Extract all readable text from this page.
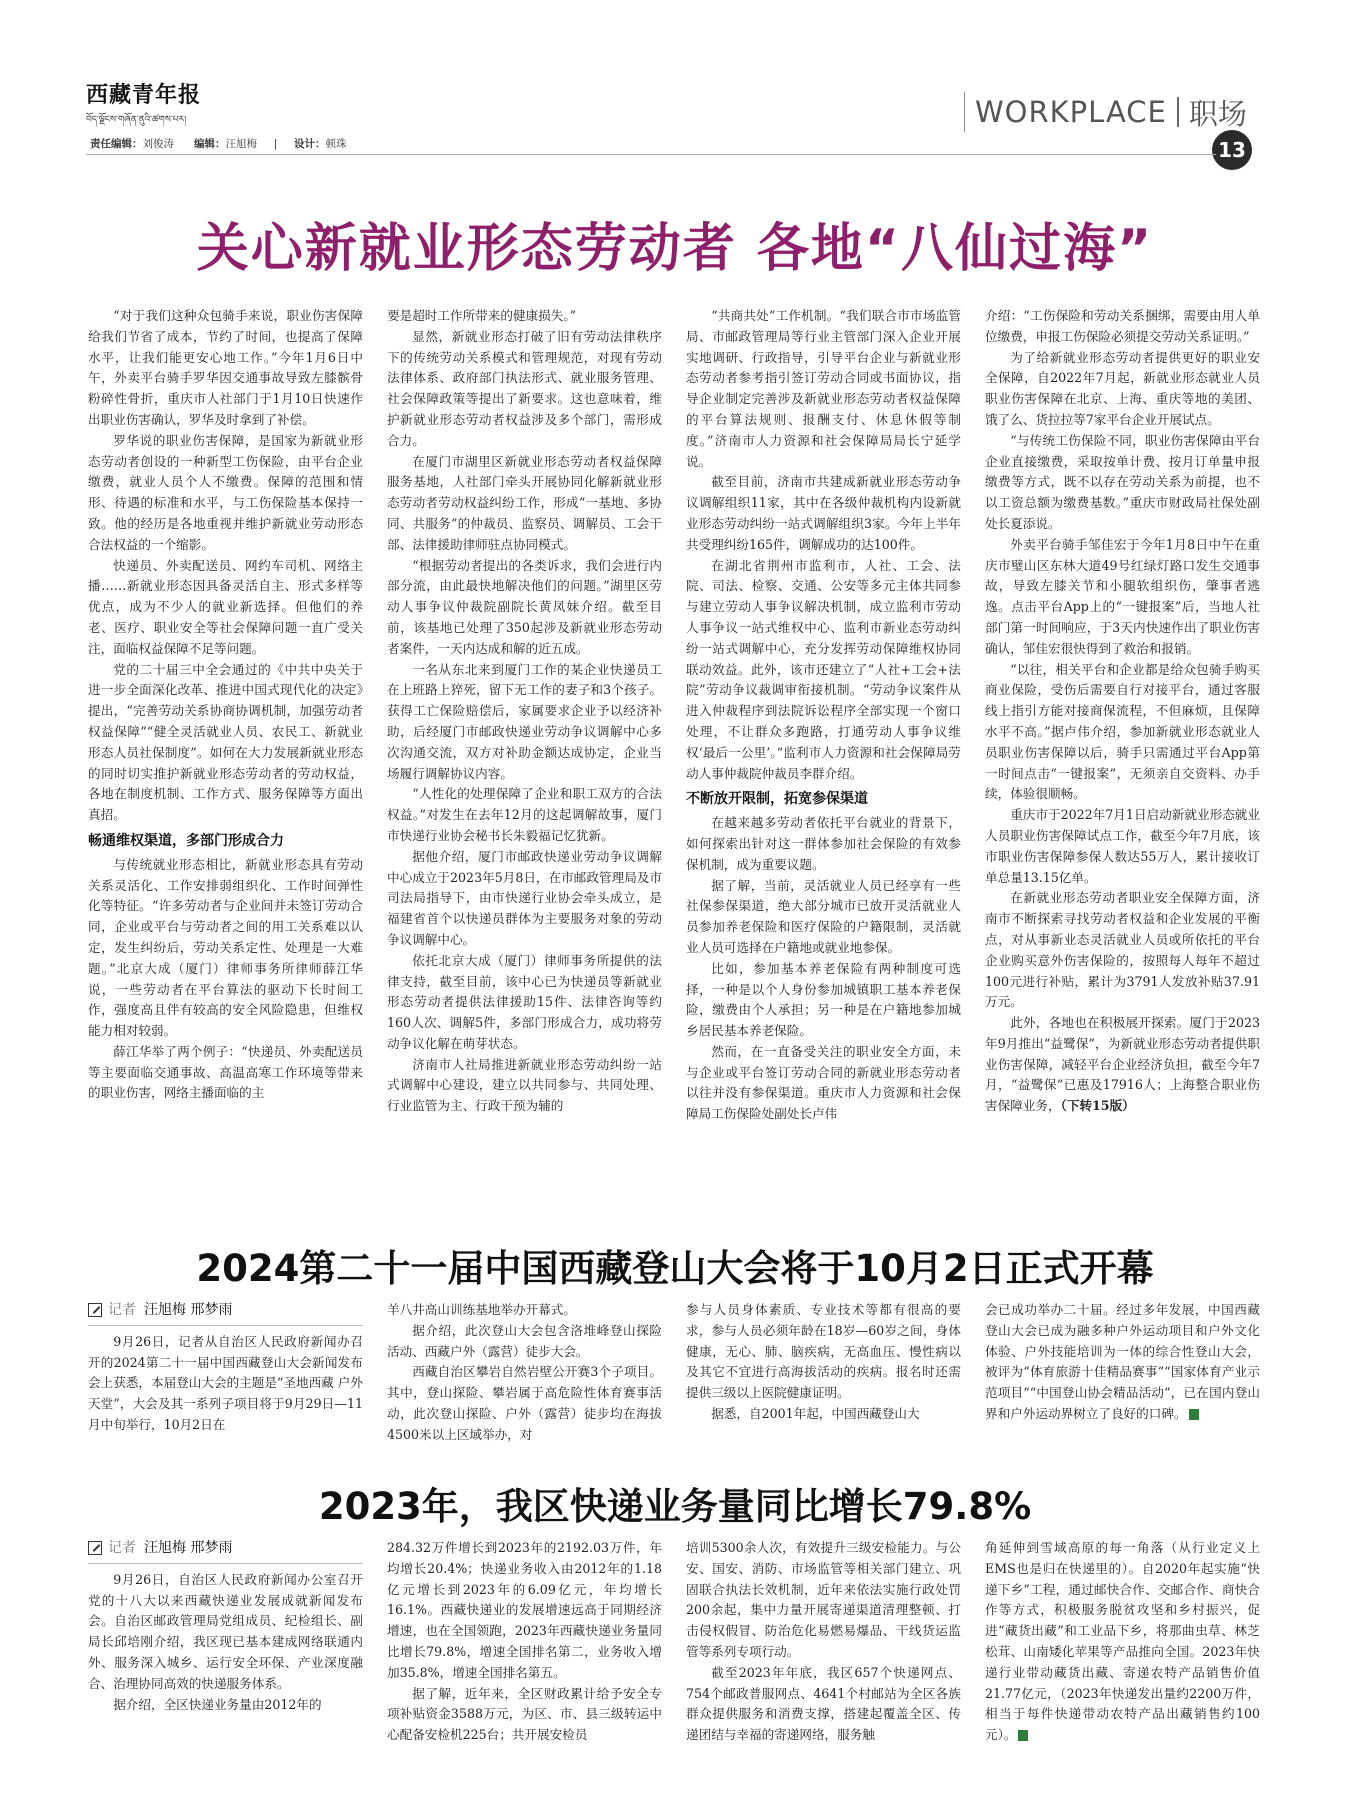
西藏青年报
བོད་ལྗོངས་གཞོན་ནུའི་ཚགས་པར།	WORKPLACE 职场
13
责任编辑：刘俊涛 编辑：汪旭梅 | 设计：顿珠
关心新就业形态劳动者 各地“八仙过海”

“对于我们这种众包骑手来说，职业伤害保障给我们节省了成本，节约了时间，也提高了保障水平，让我们能更安心地工作。”今年1月6日中午，外卖平台骑手罗华因交通事故导致左膝髌骨粉碎性骨折，重庆市人社部门于1月10日快速作出职业伤害确认，罗华及时拿到了补偿。

罗华说的职业伤害保障，是国家为新就业形态劳动者创设的一种新型工伤保险，由平台企业缴费，就业人员个人不缴费。保障的范围和情形、待遇的标准和水平，与工伤保险基本保持一致。他的经历是各地重视并维护新就业劳动形态合法权益的一个缩影。

快递员、外卖配送员、网约车司机、网络主播……新就业形态因具备灵活自主、形式多样等优点，成为不少人的就业新选择。但他们的养老、医疗、职业安全等社会保障问题一直广受关注，面临权益保障不足等问题。

党的二十届三中全会通过的《中共中央关于进一步全面深化改革、推进中国式现代化的决定》提出，“完善劳动关系协商协调机制，加强劳动者权益保障”“健全灵活就业人员、农民工、新就业形态人员社保制度”。如何在大力发展新就业形态的同时切实推护新就业形态劳动者的劳动权益，各地在制度机制、工作方式、服务保障等方面出真招。

畅通维权渠道，多部门形成合力

与传统就业形态相比，新就业形态具有劳动关系灵活化、工作安排弱组织化、工作时间弹性化等特征。“许多劳动者与企业间并未签订劳动合同，企业或平台与劳动者之间的用工关系难以认定，发生纠纷后，劳动关系定性、处理是一大难题。”北京大成（厦门）律师事务所律师薛江华说，一些劳动者在平台算法的驱动下长时间工作，强度高且伴有较高的安全风险隐患，但维权能力相对较弱。

薛江华举了两个例子：“快递员、外卖配送员等主要面临交通事故、高温高寒工作环境等带来的职业伤害，网络主播面临的主

要是超时工作所带来的健康损失。”

显然，新就业形态打破了旧有劳动法律秩序下的传统劳动关系模式和管理规范，对现有劳动法律体系、政府部门执法形式、就业服务管理、社会保障政策等提出了新要求。这也意味着，维护新就业形态劳动者权益涉及多个部门，需形成合力。

在厦门市湖里区新就业形态劳动者权益保障服务基地，人社部门牵头开展协同化解新就业形态劳动者劳动权益纠纷工作，形成“一基地、多协同、共服务”的仲裁员、监察员、调解员、工会干部、法律援助律师驻点协同模式。

“根据劳动者提出的各类诉求，我们会进行内部分流，由此最快地解决他们的问题。”湖里区劳动人事争议仲裁院副院长黄凤妹介绍。截至目前，该基地已处理了350起涉及新就业形态劳动者案件，一天内达成和解的近五成。

一名从东北来到厦门工作的某企业快递员工在上班路上猝死，留下无工作的妻子和3个孩子。获得工亡保险赔偿后，家属要求企业予以经济补助，后经厦门市邮政快递业劳动争议调解中心多次沟通交流，双方对补助金额达成协定，企业当场履行调解协议内容。

“人性化的处理保障了企业和职工双方的合法权益。”对发生在去年12月的这起调解故事，厦门市快递行业协会秘书长朱毅福记忆犹新。

据他介绍，厦门市邮政快递业劳动争议调解中心成立于2023年5月8日，在市邮政管理局及市司法局指导下，由市快递行业协会牵头成立，是福建省首个以快递员群体为主要服务对象的劳动争议调解中心。

依托北京大成（厦门）律师事务所提供的法律支持，截至目前，该中心已为快递员等新就业形态劳动者提供法律援助15件、法律咨询等约160人次、调解5件，多部门形成合力，成功将劳动争议化解在萌芽状态。

济南市人社局推进新就业形态劳动纠纷一站式调解中心建设，建立以共同参与、共同处理、行业监管为主、行政干预为辅的

“共商共处”工作机制。“我们联合市市场监管局、市邮政管理局等行业主管部门深入企业开展实地调研、行政指导，引导平台企业与新就业形态劳动者参考指引签订劳动合同或书面协议，指导企业制定完善涉及新就业形态劳动者权益保障的平台算法规则、报酬支付、休息休假等制度。”济南市人力资源和社会保障局局长宁延学说。

截至目前，济南市共建成新就业形态劳动争议调解组织11家，其中在各级仲裁机构内设新就业形态劳动纠纷一站式调解组织3家。今年上半年共受理纠纷165件，调解成功的达100件。

在湖北省荆州市监利市，人社、工会、法院、司法、检察、交通、公安等多元主体共同参与建立劳动人事争议解决机制，成立监利市劳动人事争议一站式维权中心、监利市新业态劳动纠纷一站式调解中心，充分发挥劳动保障维权协同联动效益。此外，该市还建立了“人社+工会+法院”劳动争议裁调审衔接机制。“劳动争议案件从进入仲裁程序到法院诉讼程序全部实现一个窗口处理，不让群众多跑路，打通劳动人事争议维权‘最后一公里’。”监利市人力资源和社会保障局劳动人事仲裁院仲裁员李群介绍。

不断放开限制，拓宽参保渠道

在越来越多劳动者依托平台就业的背景下，如何探索出针对这一群体参加社会保险的有效参保机制，成为重要议题。

据了解，当前，灵活就业人员已经享有一些社保参保渠道，绝大部分城市已放开灵活就业人员参加养老保险和医疗保险的户籍限制，灵活就业人员可选择在户籍地或就业地参保。

比如，参加基本养老保险有两种制度可选择，一种是以个人身份参加城镇职工基本养老保险，缴费由个人承担；另一种是在户籍地参加城乡居民基本养老保险。

然而，在一直备受关注的职业安全方面，未与企业或平台签订劳动合同的新就业形态劳动者以往并没有参保渠道。重庆市人力资源和社会保障局工伤保险处副处长卢伟

介绍：“工伤保险和劳动关系捆绑，需要由用人单位缴费，申报工伤保险必须提交劳动关系证明。”

为了给新就业形态劳动者提供更好的职业安全保障，自2022年7月起，新就业形态就业人员职业伤害保障在北京、上海、重庆等地的美团、饿了么、货拉拉等7家平台企业开展试点。

“与传统工伤保险不同，职业伤害保障由平台企业直接缴费，采取按单计费、按月订单量申报缴费等方式，既不以存在劳动关系为前提，也不以工资总额为缴费基数。”重庆市财政局社保处副处长夏添说。

外卖平台骑手邹佳宏于今年1月8日中午在重庆市璧山区东林大道49号红绿灯路口发生交通事故，导致左膝关节和小腿软组织伤，肇事者逃逸。点击平台App上的“一键报案”后，当地人社部门第一时间响应，于3天内快速作出了职业伤害确认，邹佳宏很快得到了救治和报销。

“以往，相关平台和企业都是给众包骑手购买商业保险，受伤后需要自行对接平台，通过客服线上指引方能对接商保流程，不但麻烦，且保障水平不高。”据卢伟介绍，参加新就业形态就业人员职业伤害保障以后，骑手只需通过平台App第一时间点击“一键报案”，无须亲自交资料、办手续，体验很顺畅。

重庆市于2022年7月1日启动新就业形态就业人员职业伤害保障试点工作，截至今年7月底，该市职业伤害保障参保人数达55万人，累计接收订单总量13.15亿单。

在新就业形态劳动者职业安全保障方面，济南市不断探索寻找劳动者权益和企业发展的平衡点，对从事新业态灵活就业人员或所依托的平台企业购买意外伤害保险的，按照每人每年不超过100元进行补贴，累计为3791人发放补贴37.91万元。

此外，各地也在积极展开探索。厦门于2023年9月推出“益鹭保”，为新就业形态劳动者提供职业伤害保障，减轻平台企业经济负担，截至今年7月，“益鹭保”已惠及17916人；上海整合职业伤害保障业务，（下转15版）

2024第二十一届中国西藏登山大会将于10月2日正式开幕
记者 汪旭梅 邢梦雨

9月26日，记者从自治区人民政府新闻办召开的2024第二十一届中国西藏登山大会新闻发布会上获悉，本届登山大会的主题是“圣地西藏 户外天堂”，大会及其一系列子项目将于9月29日—11月中旬举行，10月2日在

羊八井高山训练基地举办开幕式。

据介绍，此次登山大会包含洛堆峰登山探险活动、西藏户外（露营）徒步大会。

西藏自治区攀岩自然岩壁公开赛3个子项目。其中，登山探险、攀岩属于高危险性体育赛事活动，此次登山探险、户外（露营）徒步均在海拔4500米以上区域举办，对

参与人员身体素质、专业技术等都有很高的要求，参与人员必须年龄在18岁—60岁之间，身体健康，无心、肺、脑疾病，无高血压、慢性病以及其它不宜进行高海拔活动的疾病。报名时还需提供三级以上医院健康证明。

据悉，自2001年起，中国西藏登山大

会已成功举办二十届。经过多年发展，中国西藏登山大会已成为融多种户外运动项目和户外文化体验、户外技能培训为一体的综合性登山大会，被评为“体育旅游十佳精品赛事”“国家体育产业示范项目”“中国登山协会精品活动”，已在国内登山界和户外运动界树立了良好的口碑。

2023年，我区快递业务量同比增长79.8%
记者 汪旭梅 邢梦雨

9月26日，自治区人民政府新闻办公室召开党的十八大以来西藏快递业发展成就新闻发布会。自治区邮政管理局党组成员、纪检组长、副局长邱培刚介绍，我区现已基本建成网络联通内外、服务深入城乡、运行安全环保、产业深度融合、治理协同高效的快递服务体系。

据介绍，全区快递业务量由2012年的

284.32万件增长到2023年的2192.03万件，年均增长20.4%；快递业务收入由2012年的1.18亿元增长到2023年的6.09亿元，年均增长16.1%。西藏快递业的发展增速远高于同期经济增速，也在全国领跑，2023年西藏快递业务量同比增长79.8%，增速全国排名第二，业务收入增加35.8%，增速全国排名第五。

据了解，近年来，全区财政累计给予安全专项补贴资金3588万元，为区、市、县三级转运中心配备安检机225台；共开展安检员

培训5300余人次，有效提升三级安检能力。与公安、国安、消防、市场监管等相关部门建立、巩固联合执法长效机制，近年来依法实施行政处罚200余起，集中力量开展寄递渠道清理整顿、打击侵权假冒、防治危化易燃易爆品、干线货运监管等系列专项行动。

截至2023年年底，我区657个快递网点、754个邮政普服网点、4641个村邮站为全区各族群众提供服务和消费支撑，搭建起覆盖全区、传递团结与幸福的寄递网络，服务触

角延伸到雪域高原的每一角落（从行业定义上EMS也是归在快递里的）。自2020年起实施“快递下乡”工程，通过邮快合作、交邮合作、商快合作等方式，积极服务脱贫攻坚和乡村振兴，促进“藏货出藏”和工业品下乡，将那曲虫草、林芝松茸、山南矮化苹果等产品推向全国。2023年快递行业带动藏货出藏、寄递农特产品销售价值21.77亿元，（2023年快递发出量约2200万件，相当于每件快递带动农特产品出藏销售约100元）。
